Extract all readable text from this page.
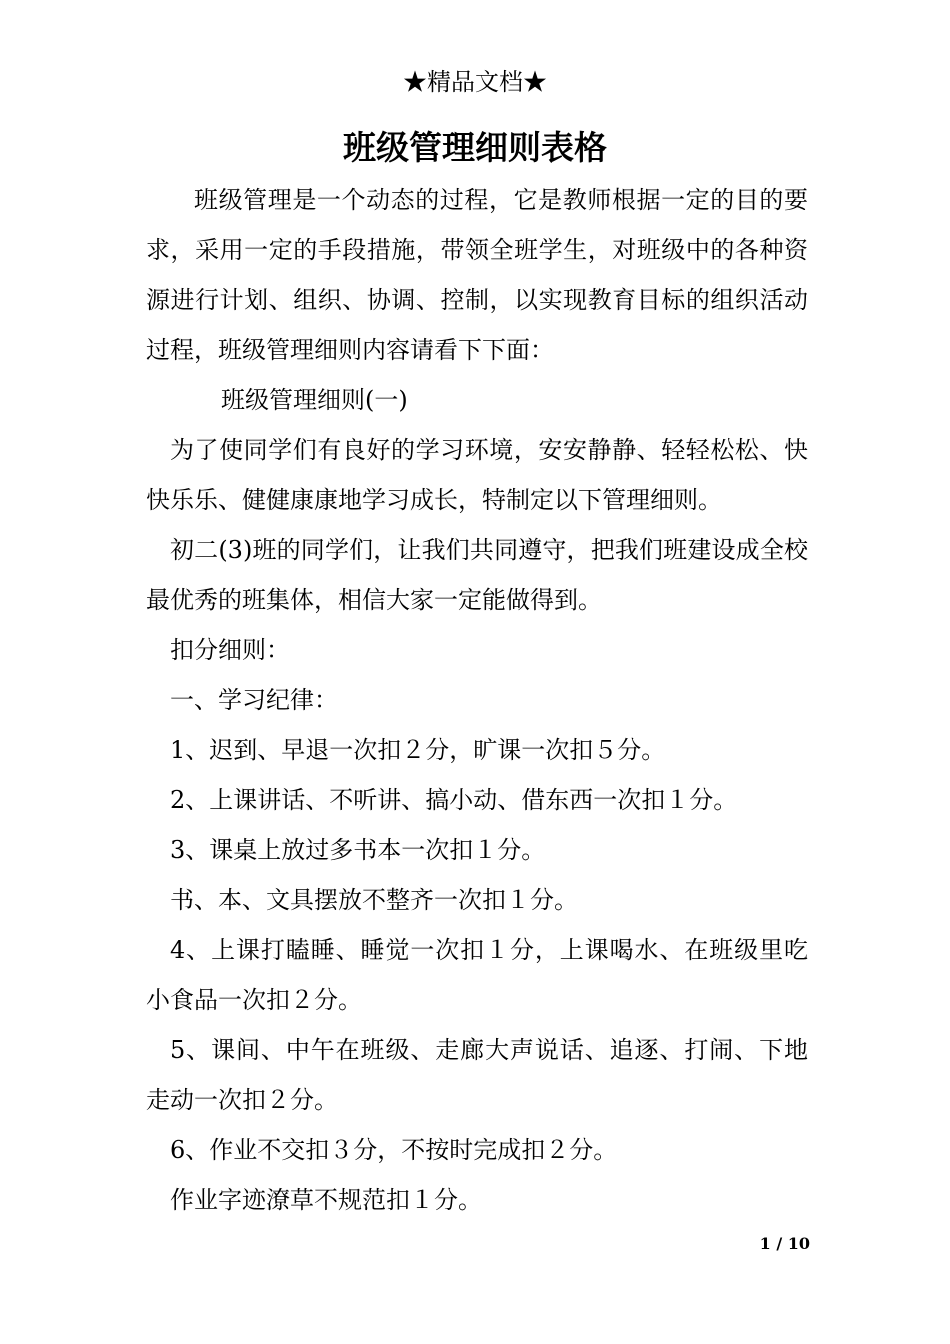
★精品文档★
班级管理细则表格

班级管理是一个动态的过程，它是教师根据一定的目的要求，采用一定的手段措施，带领全班学生，对班级中的各种资源进行计划、组织、协调、控制，以实现教育目标的组织活动过程，班级管理细则内容请看下下面：

班级管理细则(一)

为了使同学们有良好的学习环境，安安静静、轻轻松松、快快乐乐、健健康康地学习成长，特制定以下管理细则。

初二(3)班的同学们，让我们共同遵守，把我们班建设成全校最优秀的班集体，相信大家一定能做得到。

扣分细则：

一、学习纪律：

1、迟到、早退一次扣２分，旷课一次扣５分。

2、上课讲话、不听讲、搞小动、借东西一次扣１分。

3、课桌上放过多书本一次扣１分。

书、本、文具摆放不整齐一次扣１分。

4、上课打瞌睡、睡觉一次扣１分，上课喝水、在班级里吃小食品一次扣２分。

5、课间、中午在班级、走廊大声说话、追逐、打闹、下地走动一次扣２分。

6、作业不交扣３分，不按时完成扣２分。

作业字迹潦草不规范扣１分。

1 / 10
